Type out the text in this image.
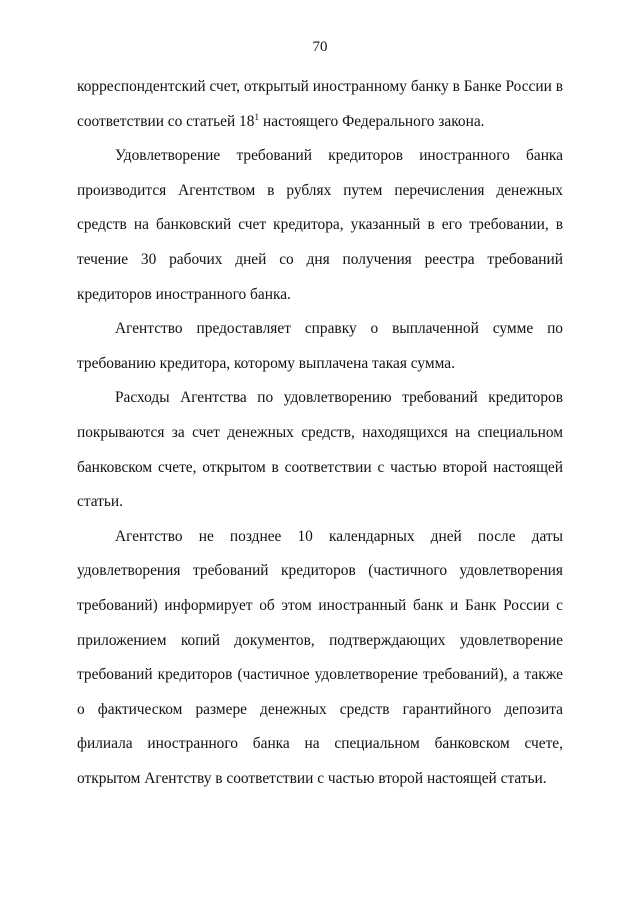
70

корреспондентский счет, открытый иностранному банку в Банке России в соответствии со статьей $18^1$ настоящего Федерального закона.

Удовлетворение требований кредиторов иностранного банка производится Агентством в рублях путем перечисления денежных средств на банковский счет кредитора, указанный в его требовании, в течение 30 рабочих дней со дня получения реестра требований кредиторов иностранного банка.

Агентство предоставляет справку о выплаченной сумме по требованию кредитора, которому выплачена такая сумма.

Расходы Агентства по удовлетворению требований кредиторов покрываются за счет денежных средств, находящихся на специальном банковском счете, открытом в соответствии с частью второй настоящей статьи.

Агентство не позднее 10 календарных дней после даты удовлетворения требований кредиторов (частичного удовлетворения требований) информирует об этом иностранный банк и Банк России с приложением копий документов, подтверждающих удовлетворение требований кредиторов (частичное удовлетворение требований), а также о фактическом размере денежных средств гарантийного депозита филиала иностранного банка на специальном банковском счете, открытом Агентству в соответствии с частью второй настоящей статьи.
